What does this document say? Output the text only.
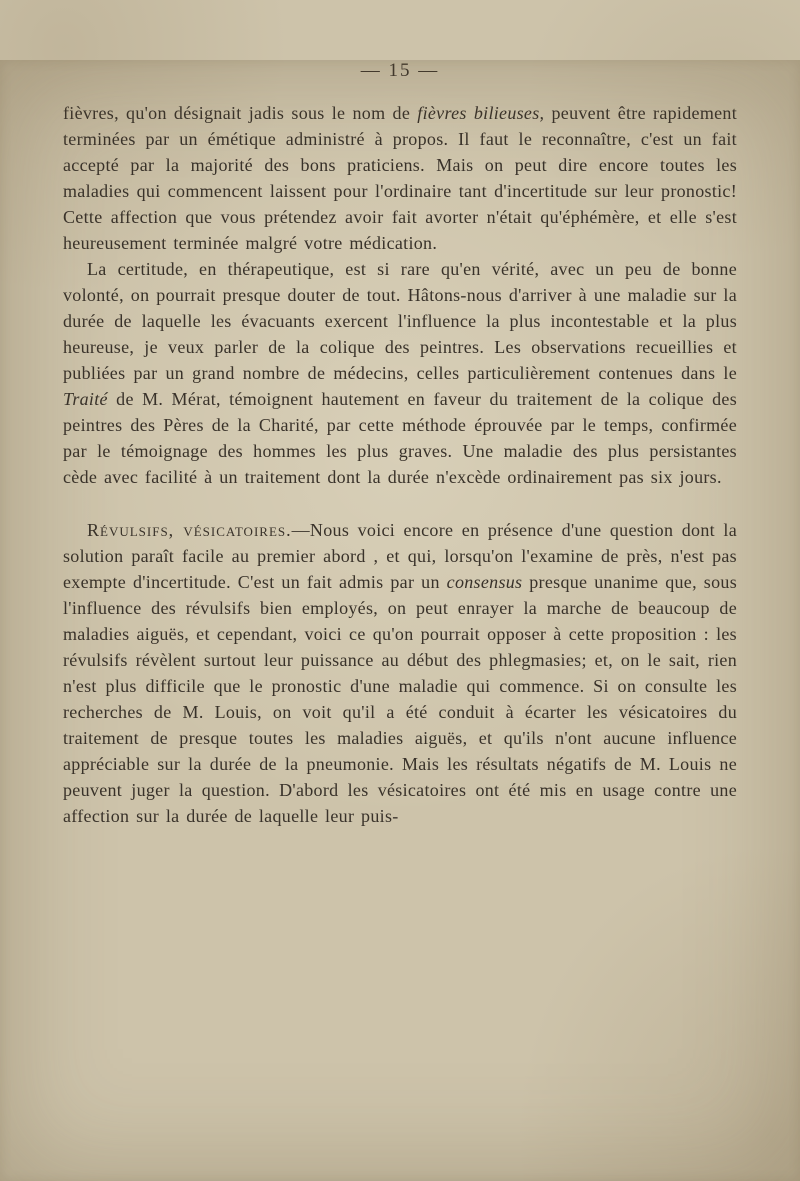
— 15 —

fièvres, qu'on désignait jadis sous le nom de fièvres bilieuses, peuvent être rapidement terminées par un émétique administré à propos. Il faut le reconnaître, c'est un fait accepté par la majorité des bons praticiens. Mais on peut dire encore toutes les maladies qui commencent laissent pour l'ordinaire tant d'incertitude sur leur pronostic! Cette affection que vous prétendez avoir fait avorter n'était qu'éphémère, et elle s'est heureusement terminée malgré votre médication.

La certitude, en thérapeutique, est si rare qu'en vérité, avec un peu de bonne volonté, on pourrait presque douter de tout. Hâtons-nous d'arriver à une maladie sur la durée de laquelle les évacuants exercent l'influence la plus incontestable et la plus heureuse, je veux parler de la colique des peintres. Les observations recueillies et publiées par un grand nombre de médecins, celles particulièrement contenues dans le Traité de M. Mérat, témoignent hautement en faveur du traitement de la colique des peintres des Pères de la Charité, par cette méthode éprouvée par le temps, confirmée par le témoignage des hommes les plus graves. Une maladie des plus persistantes cède avec facilité à un traitement dont la durée n'excède ordinairement pas six jours.

Révulsifs, vésicatoires.—Nous voici encore en présence d'une question dont la solution paraît facile au premier abord , et qui, lorsqu'on l'examine de près, n'est pas exempte d'incertitude. C'est un fait admis par un consensus presque unanime que, sous l'influence des révulsifs bien employés, on peut enrayer la marche de beaucoup de maladies aiguës, et cependant, voici ce qu'on pourrait opposer à cette proposition : les révulsifs révèlent surtout leur puissance au début des phlegmasies; et, on le sait, rien n'est plus difficile que le pronostic d'une maladie qui commence. Si on consulte les recherches de M. Louis, on voit qu'il a été conduit à écarter les vésicatoires du traitement de presque toutes les maladies aiguës, et qu'ils n'ont aucune influence appréciable sur la durée de la pneumonie. Mais les résultats négatifs de M. Louis ne peuvent juger la question. D'abord les vésicatoires ont été mis en usage contre une affection sur la durée de laquelle leur puis-
